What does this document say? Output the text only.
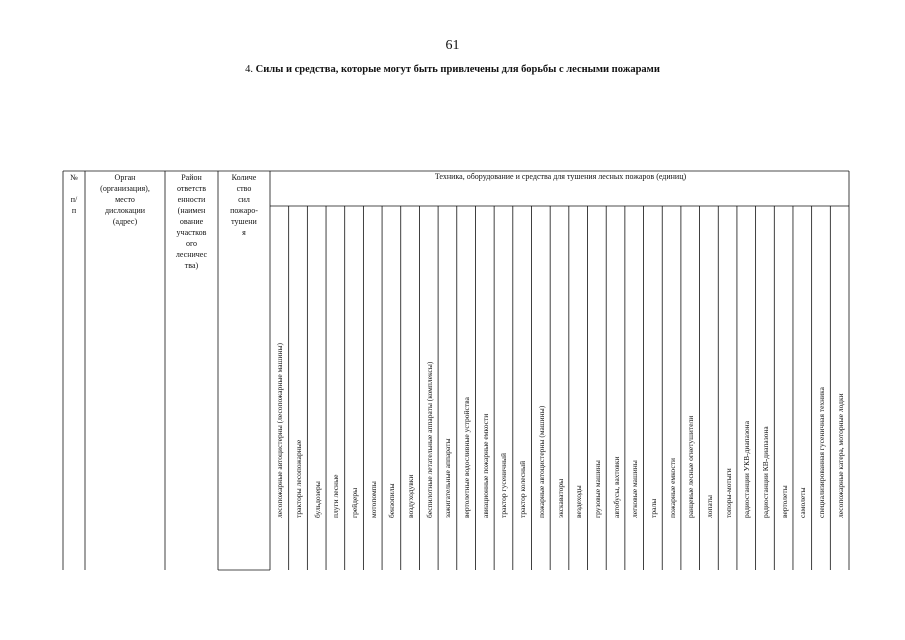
61
4. Силы и средства, которые могут быть привлечены для борьбы с лесными пожарами
Техника, оборудование и средства для тушения лесных пожаров (единиц)
№

п/
п
Орган
(организация),
место
дислокации
(адрес)
Район
ответств
енности
(наимен
ование
участков
ого
лесничес
тва)
Количе
ство
сил
пожаро-
тушени
я
лесопожарные автоцистерны (лесопожарные машины) тракторы лесопожарные бульдозеры плуги лесные грейдеры мотопомпы бензопилы воздуходувки беспилотные летательные аппараты (комплексы) зажигательные аппараты вертолетные водосливные устройства авиационные пожарные емкости трактор гусеничный трактор колесный пожарные автоцистерны (машины) экскаваторы вездеходы грузовые машины автобусы, вахтовки легковые машины тралы пожарные емкости ранцевые лесные огнетушители лопаты топоры-мотыги радиостанции УКВ-диапазона радиостанции КВ-диапазона вертолеты самолеты специализированная гусеничная техника лесопожарные катера, моторные лодки
